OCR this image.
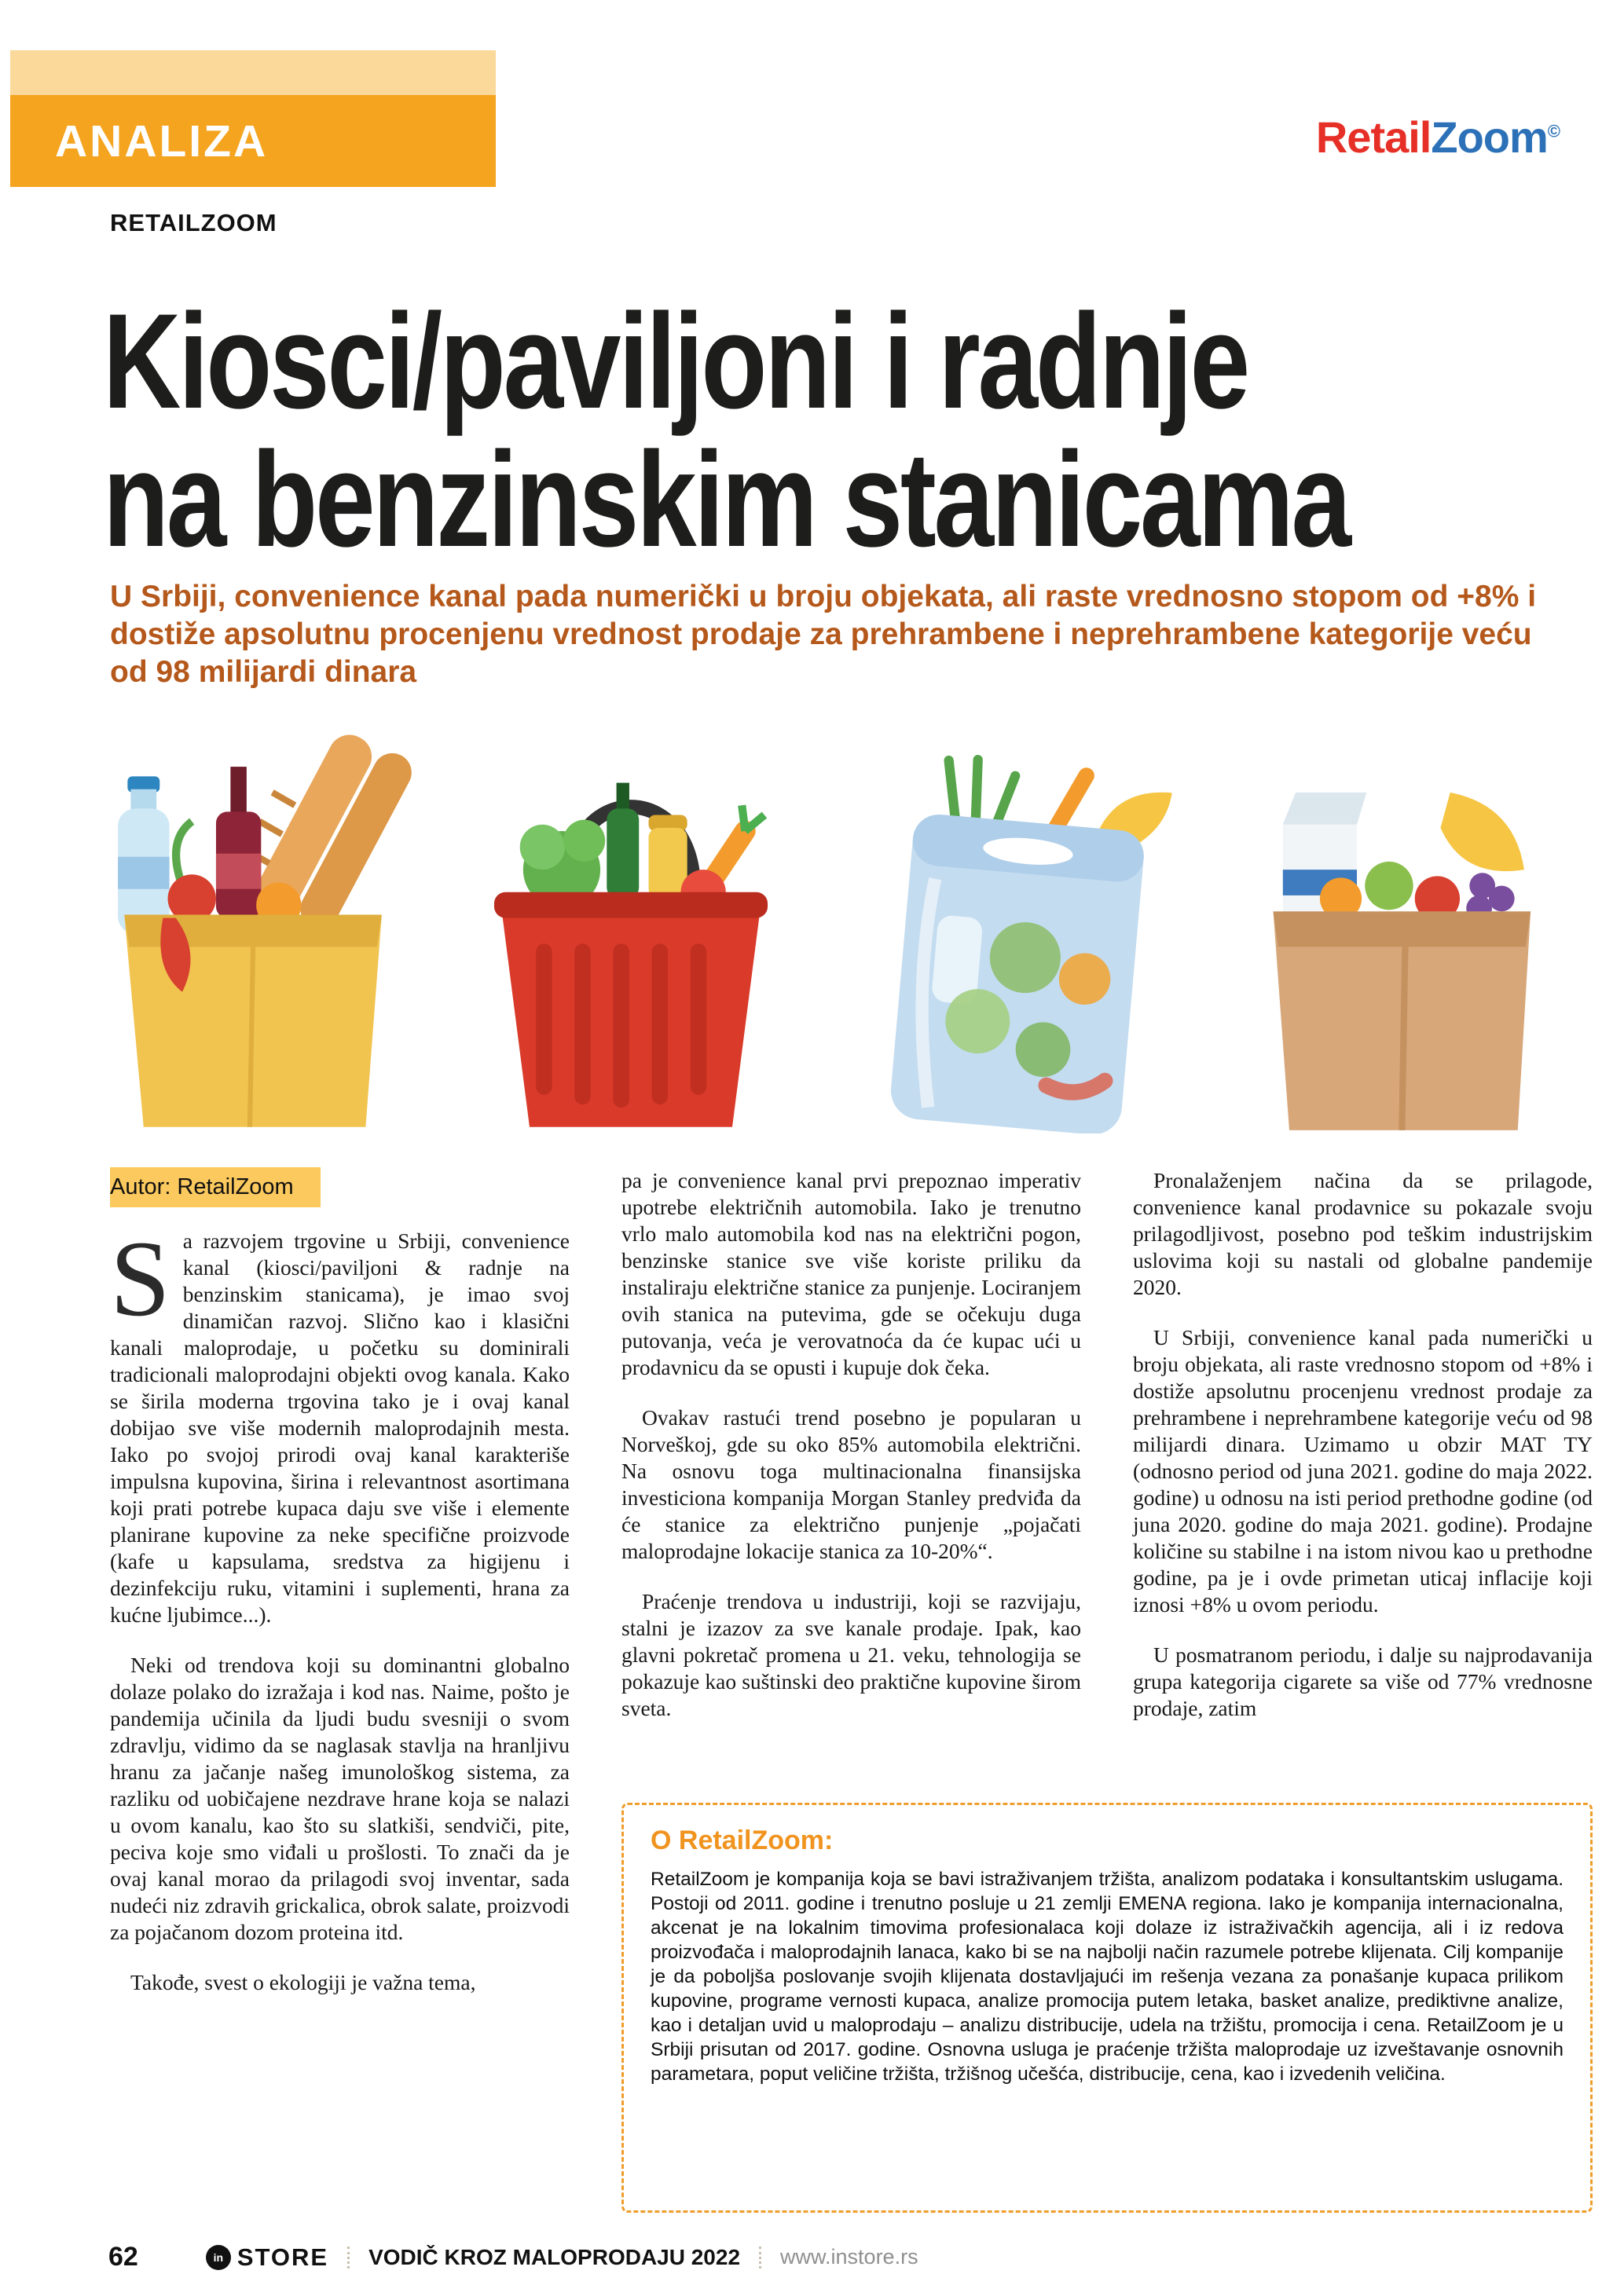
ANALIZA	RetailZoom©
RETAILZOOM
Kiosci/paviljoni i radnje
na benzinskim stanicama

U Srbiji, convenience kanal pada numerički u broju objekata, ali raste vrednosno stopom od +8% i dostiže apsolutnu procenjenu vrednost prodaje za prehrambene i neprehrambene kategorije veću od 98 milijardi dinara

Autor: RetailZoom

Sa razvojem trgovine u Srbiji, convenience kanal (kiosci/paviljoni & radnje na benzinskim stanicama), je imao svoj dinamičan razvoj. Slično kao i klasični kanali maloprodaje, u početku su dominirali tradicionali maloprodajni objekti ovog kanala. Kako se širila moderna trgovina tako je i ovaj kanal dobijao sve više modernih maloprodajnih mesta. Iako po svojoj prirodi ovaj kanal karakteriše impulsna kupovina, širina i relevantnost asortimana koji prati potrebe kupaca daju sve više i elemente planirane kupovine za neke specifične proizvode (kafe u kapsulama, sredstva za higijenu i dezinfekciju ruku, vitamini i suplementi, hrana za kućne ljubimce...).

Neki od trendova koji su dominantni globalno dolaze polako do izražaja i kod nas. Naime, pošto je pandemija učinila da ljudi budu svesniji o svom zdravlju, vidimo da se naglasak stavlja na hranljivu hranu za jačanje našeg imunološkog sistema, za razliku od uobičajene nezdrave hrane koja se nalazi u ovom kanalu, kao što su slatkiši, sendviči, pite, peciva koje smo viđali u prošlosti. To znači da je ovaj kanal morao da prilagodi svoj inventar, sada nudeći niz zdravih grickalica, obrok salate, proizvodi za pojačanom dozom proteina itd.

Takođe, svest o ekologiji je važna tema,

pa je convenience kanal prvi prepoznao imperativ upotrebe električnih automobila. Iako je trenutno vrlo malo automobila kod nas na električni pogon, benzinske stanice sve više koriste priliku da instaliraju električne stanice za punjenje. Lociranjem ovih stanica na putevima, gde se očekuju duga putovanja, veća je verovatnoća da će kupac ući u prodavnicu da se opusti i kupuje dok čeka.

Ovakav rastući trend posebno je popularan u Norveškoj, gde su oko 85% automobila električni. Na osnovu toga multinacionalna finansijska investiciona kompanija Morgan Stanley predviđa da će stanice za električno punjenje „pojačati maloprodajne lokacije stanica za 10-20%“.

Praćenje trendova u industriji, koji se razvijaju, stalni je izazov za sve kanale prodaje. Ipak, kao glavni pokretač promena u 21. veku, tehnologija se pokazuje kao suštinski deo praktične kupovine širom sveta.

Pronalaženjem načina da se prilagode, convenience kanal prodavnice su pokazale svoju prilagodljivost, posebno pod teškim industrijskim uslovima koji su nastali od globalne pandemije 2020.

U Srbiji, convenience kanal pada numerički u broju objekata, ali raste vrednosno stopom od +8% i dostiže apsolutnu procenjenu vrednost prodaje za prehrambene i neprehrambene kategorije veću od 98 milijardi dinara. Uzimamo u obzir MAT TY (odnosno period od juna 2021. godine do maja 2022. godine) u odnosu na isti period prethodne godine (od juna 2020. godine do maja 2021. godine). Prodajne količine su stabilne i na istom nivou kao u prethodne godine, pa je i ovde primetan uticaj inflacije koji iznosi +8% u ovom periodu.

U posmatranom periodu, i dalje su najprodavanija grupa kategorija cigarete sa više od 77% vrednosne prodaje, zatim

O RetailZoom:

RetailZoom je kompanija koja se bavi istraživanjem tržišta, analizom podataka i konsultantskim uslugama. Postoji od 2011. godine i trenutno posluje u 21 zemlji EMENA regiona. Iako je kompanija internacionalna, akcenat je na lokalnim timovima profesionalaca koji dolaze iz istraživačkih agencija, ali i iz redova proizvođača i maloprodajnih lanaca, kako bi se na najbolji način razumele potrebe klijenata. Cilj kompanije je da poboljša poslovanje svojih klijenata dostavljajući im rešenja vezana za ponašanje kupaca prilikom kupovine, programe vernosti kupaca, analize promocija putem letaka, basket analize, prediktivne analize, kao i detaljan uvid u maloprodaju – analizu distribucije, udela na tržištu, promocija i cena. RetailZoom je u Srbiji prisutan od 2017. godine. Osnovna usluga je praćenje tržišta maloprodaje uz izveštavanje osnovnih parametara, poput veličine tržišta, tržišnog učešća, distribucije, cena, kao i izvedenih veličina.

62	in STORE VODIČ KROZ MALOPRODAJU 2022 www.instore.rs
